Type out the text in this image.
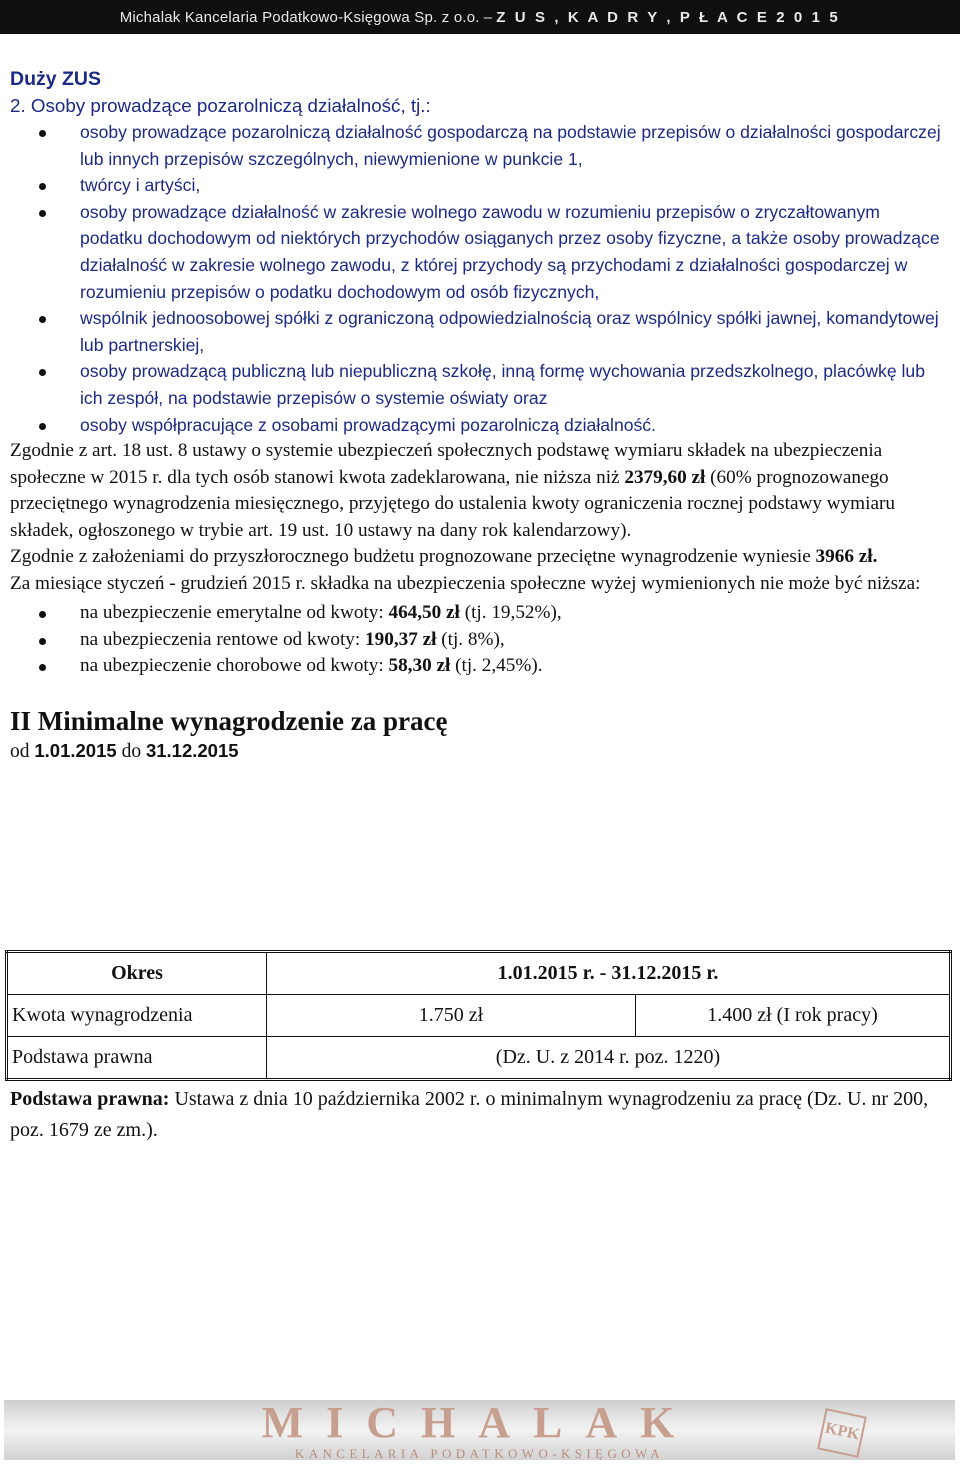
Michalak Kancelaria Podatkowo-Księgowa Sp. z o.o. – Z U S , K A D R Y , P Ł A C E 2 0 1 5

Duży ZUS

2. Osoby prowadzące pozarolniczą działalność, tj.:

osoby prowadzące pozarolniczą działalność gospodarczą na podstawie przepisów o działalności gospodarczej lub innych przepisów szczególnych, niewymienione w punkcie 1,
twórcy i artyści,
osoby prowadzące działalność w zakresie wolnego zawodu w rozumieniu przepisów o zryczałtowanym podatku dochodowym od niektórych przychodów osiąganych przez osoby fizyczne, a także osoby prowadzące działalność w zakresie wolnego zawodu, z której przychody są przychodami z działalności gospodarczej w rozumieniu przepisów o podatku dochodowym od osób fizycznych,
wspólnik jednoosobowej spółki z ograniczoną odpowiedzialnością oraz wspólnicy spółki jawnej, komandytowej lub partnerskiej,
osoby prowadzącą publiczną lub niepubliczną szkołę, inną formę wychowania przedszkolnego, placówkę lub ich zespół, na podstawie przepisów o systemie oświaty oraz
osoby współpracujące z osobami prowadzącymi pozarolniczą działalność.

Zgodnie z art. 18 ust. 8 ustawy o systemie ubezpieczeń społecznych podstawę wymiaru składek na ubezpieczenia społeczne w 2015 r. dla tych osób stanowi kwota zadeklarowana, nie niższa niż 2379,60 zł (60% prognozowanego przeciętnego wynagrodzenia miesięcznego, przyjętego do ustalenia kwoty ograniczenia rocznej podstawy wymiaru składek, ogłoszonego w trybie art. 19 ust. 10 ustawy na dany rok kalendarzowy).

Zgodnie z założeniami do przyszłorocznego budżetu prognozowane przeciętne wynagrodzenie wyniesie 3966 zł.

Za miesiące styczeń - grudzień 2015 r. składka na ubezpieczenia społeczne wyżej wymienionych nie może być niższa:

na ubezpieczenie emerytalne od kwoty: 464,50 zł (tj. 19,52%),
na ubezpieczenia rentowe od kwoty: 190,37 zł (tj. 8%),
na ubezpieczenie chorobowe od kwoty: 58,30 zł (tj. 2,45%).

II Minimalne wynagrodzenie za pracę

od 1.01.2015 do 31.12.2015

Okres	1.01.2015 r. - 31.12.2015 r.	
Kwota wynagrodzenia	1.750 zł	1.400 zł (I rok pracy)
Podstawa prawna	(Dz. U. z 2014 r. poz. 1220)	

Podstawa prawna: Ustawa z dnia 10 października 2002 r. o minimalnym wynagrodzeniu za pracę (Dz. U. nr 200, poz. 1679 ze zm.).

MICHALAK
KANCELARIA PODATKOWO-KSIĘGOWA
KPK
